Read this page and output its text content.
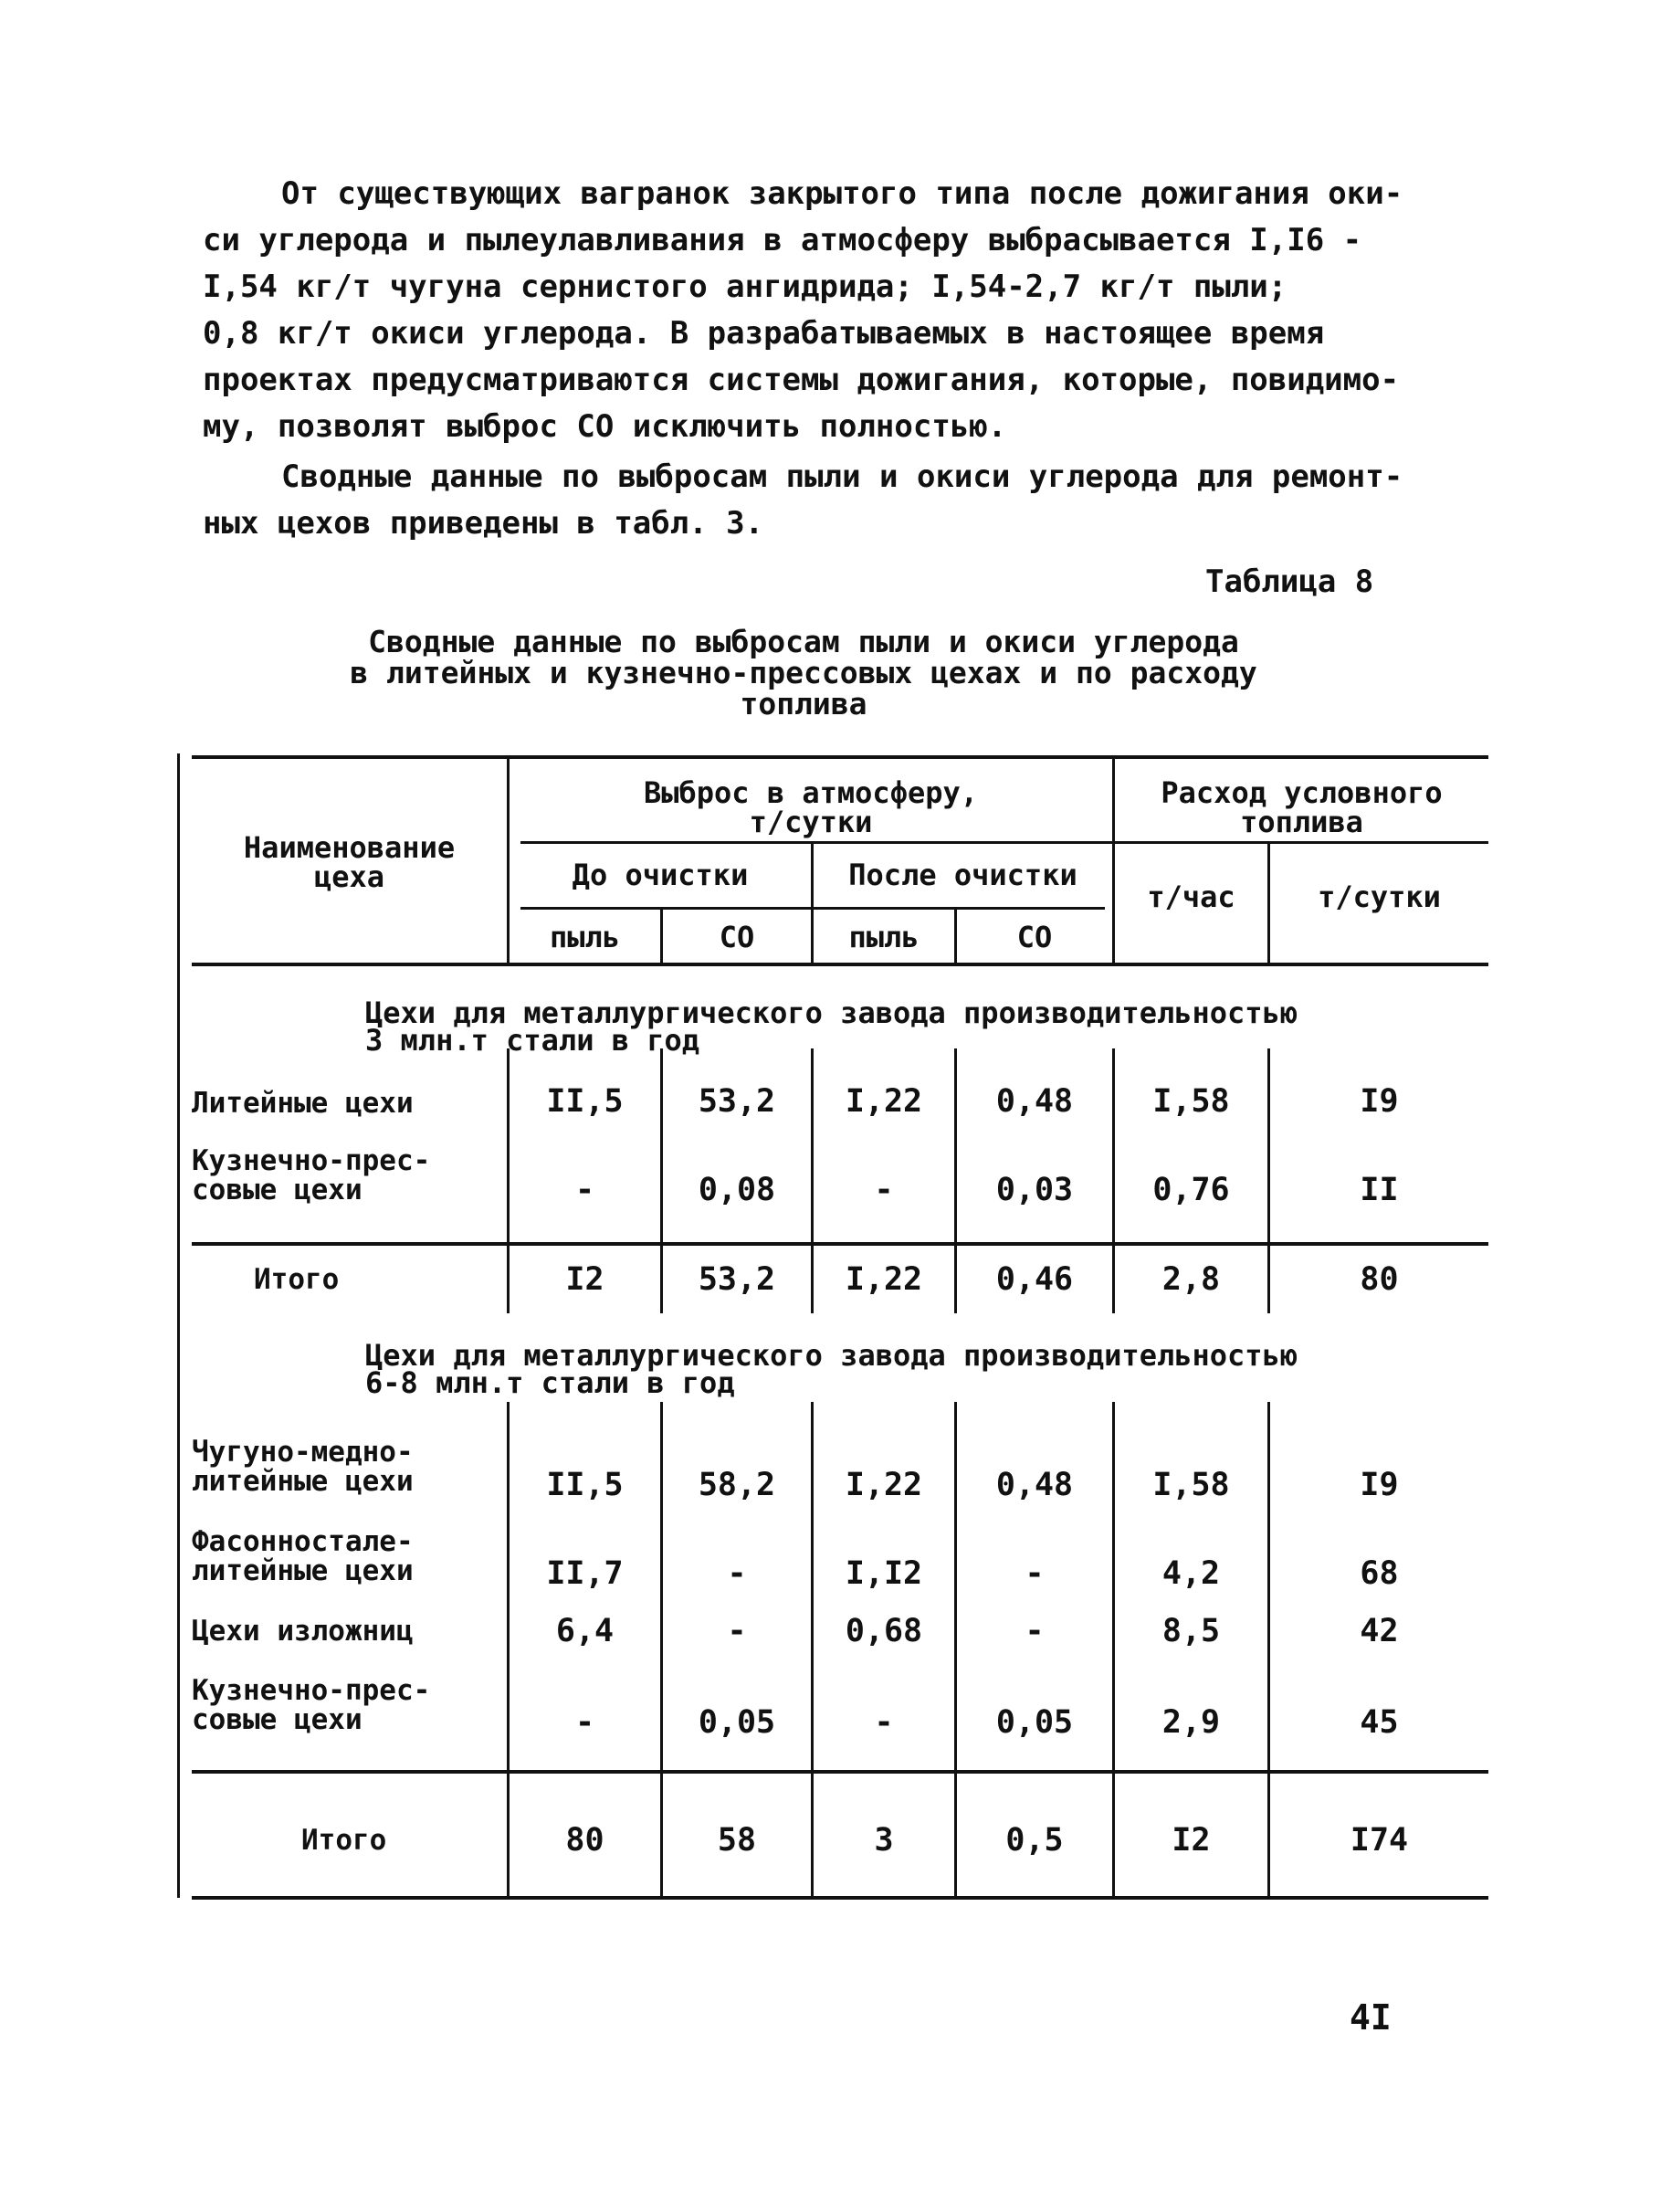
От существующих вагранок закрытого типа после дожигания оки-
си углерода и пылеулавливания в атмосферу выбрасывается I,I6 -
I,54 кг/т чугуна сернистого ангидрида; I,54-2,7 кг/т пыли;
0,8 кг/т окиси углерода. В разрабатываемых в настоящее время
проектах предусматриваются системы дожигания, которые, повидимо-
му, позволят выброс CO исключить полностью.
Сводные данные по выбросам пыли и окиси углерода для ремонт-
ных цехов приведены в табл. 3.
Таблица 8
Сводные данные по выбросам пыли и окиси углерода
в литейных и кузнечно-прессовых цехах и по расходу
топлива
Наименование
цеха
Выброс в атмосферу,
т/сутки
Расход условного
топлива
До очистки	После очистки
пыль	CO	пыль	CO
т/час	т/сутки
Цехи для металлургического завода производительностью
3 млн.т стали в год
Литейные цехи	II,5	53,2	I,22	0,48	I,58	I9
Кузнечно-прес-
совые цехи	-	0,08	-	0,03	0,76	II
Итого	I2	53,2	I,22	0,46	2,8	80
Цехи для металлургического завода производительностью
6-8 млн.т стали в год
Чугуно-медно-
литейные цехи	II,5	58,2	I,22	0,48	I,58	I9
Фасонностале-
литейные цехи	II,7	-	I,I2	-	4,2	68
Цехи изложниц	6,4	-	0,68	-	8,5	42
Кузнечно-прес-
совые цехи	-	0,05	-	0,05	2,9	45
Итого	80	58	3	0,5	I2	I74
4I
